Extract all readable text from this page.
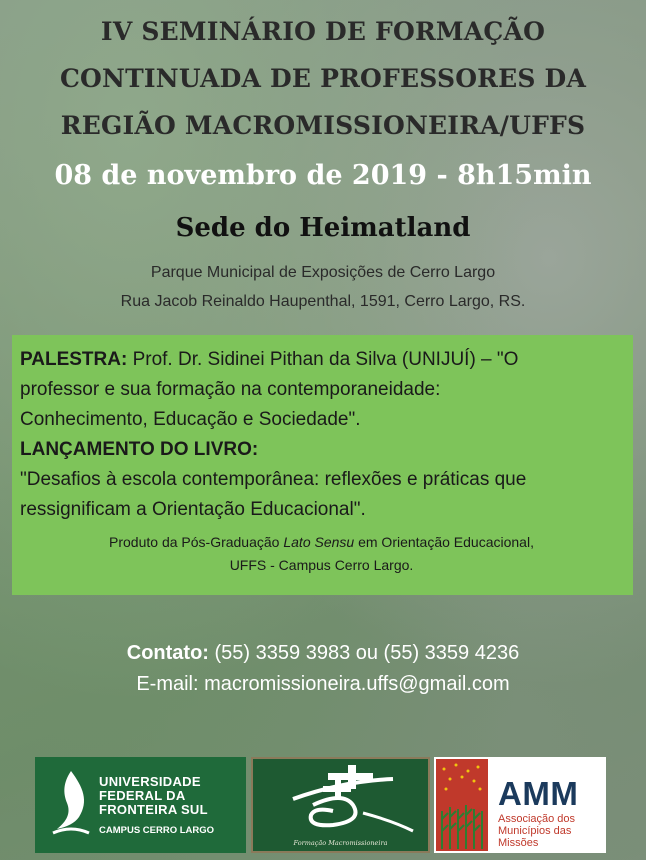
IV SEMINÁRIO DE FORMAÇÃO
CONTINUADA DE PROFESSORES DA
REGIÃO MACROMISSIONEIRA/UFFS
08 de novembro de 2019 - 8h15min
Sede do Heimatland
Parque Municipal de Exposições de Cerro Largo
Rua Jacob Reinaldo Haupenthal, 1591, Cerro Largo, RS.
PALESTRA: Prof. Dr. Sidinei Pithan da Silva (UNIJUÍ) – "O
professor e sua formação na contemporaneidade:
Conhecimento, Educação e Sociedade".
LANÇAMENTO DO LIVRO:
"Desafios à escola contemporânea: reflexões e práticas que
ressignificam a Orientação Educacional".
Produto da Pós-Graduação Lato Sensu em Orientação Educacional,
UFFS - Campus Cerro Largo.
Contato: (55) 3359 3983 ou (55) 3359 4236
E-mail: macromissioneira.uffs@gmail.com
UNIVERSIDADE
FEDERAL DA
FRONTEIRA SUL
CAMPUS CERRO LARGO
Formação Macromissioneira
AMM
Associação dos
Municípios das
Missões
